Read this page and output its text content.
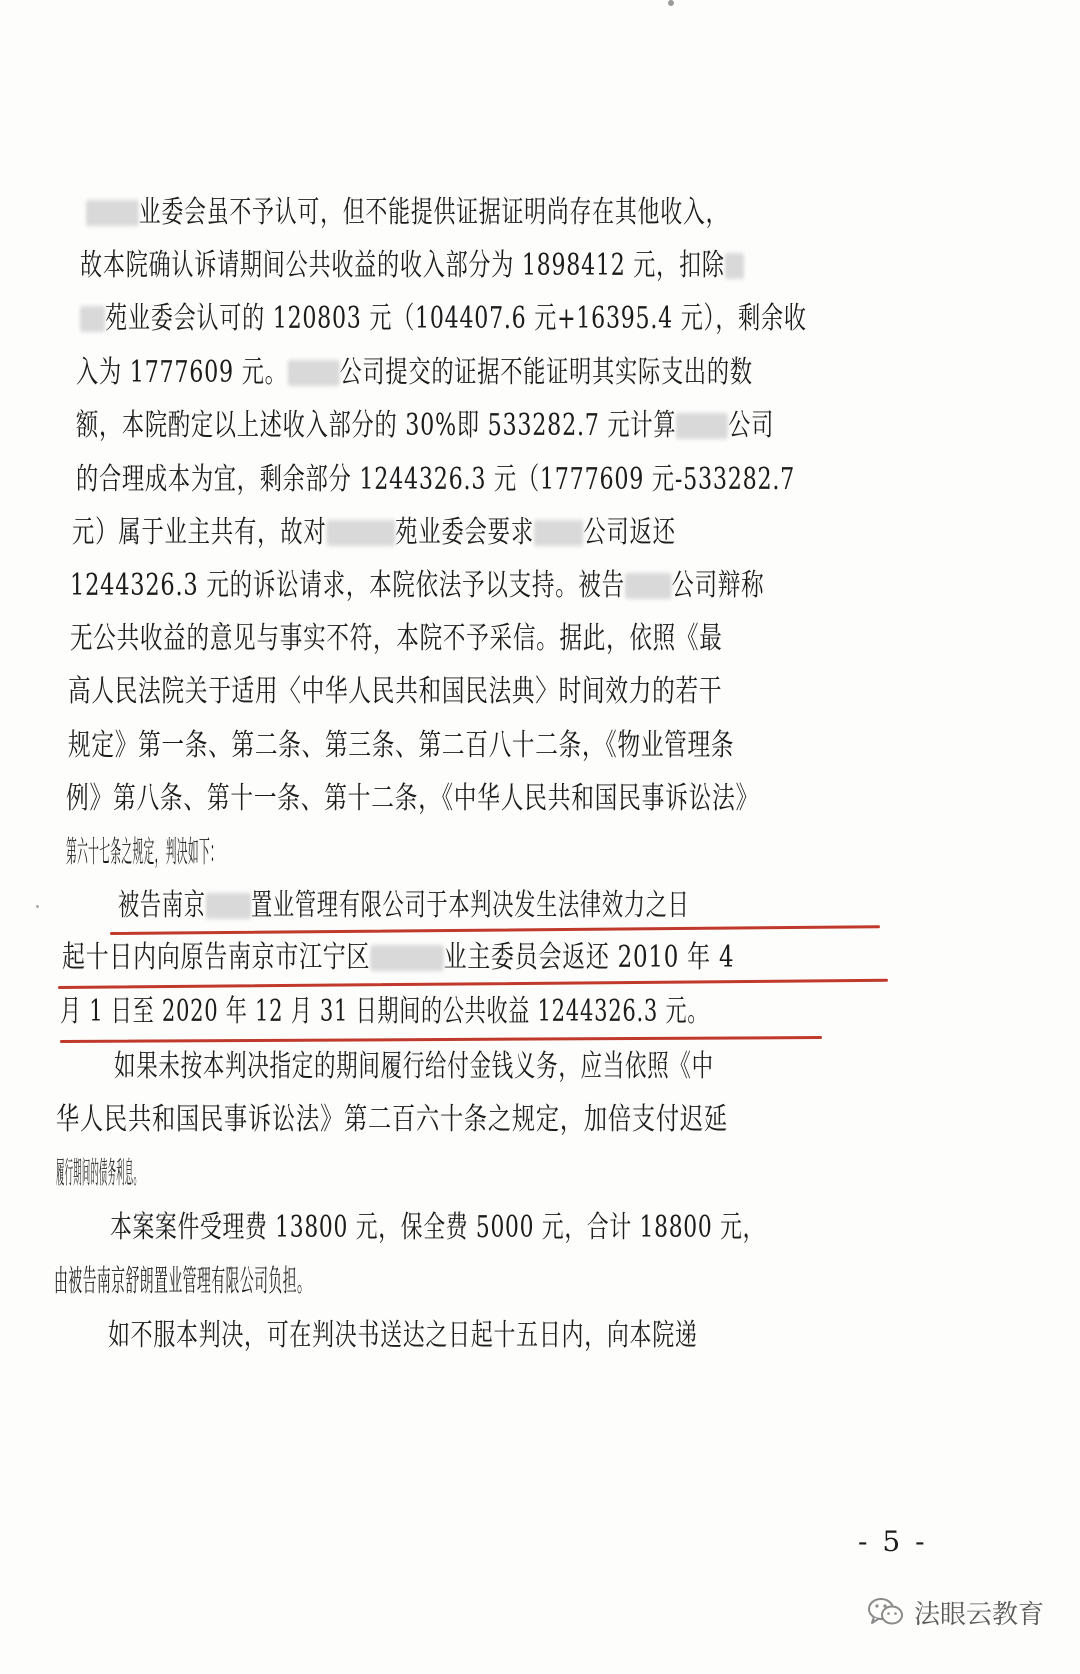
业委会虽不予认可，但不能提供证据证明尚存在其他收入，

故本院确认诉请期间公共收益的收入部分为 1898412 元，扣除

苑业委会认可的 120803 元（104407.6 元+16395.4 元），剩余收

入为 1777609 元。 公司提交的证据不能证明其实际支出的数

额，本院酌定以上述收入部分的 30%即 533282.7 元计算 公司

的合理成本为宜，剩余部分 1244326.3 元（1777609 元-533282.7

元）属于业主共有，故对 苑业委会要求 公司返还

1244326.3 元的诉讼请求，本院依法予以支持。被告 公司辩称

无公共收益的意见与事实不符，本院不予采信。据此，依照《最

高人民法院关于适用〈中华人民共和国民法典〉时间效力的若干

规定》第一条、第二条、第三条、第二百八十二条，《物业管理条

例》第八条、第十一条、第十二条，《中华人民共和国民事诉讼法》

第六十七条之规定，判决如下：

被告南京 置业管理有限公司于本判决发生法律效力之日

起十日内向原告南京市江宁区 业主委员会返还 2010 年 4

月 1 日至 2020 年 12 月 31 日期间的公共收益 1244326.3 元。

如果未按本判决指定的期间履行给付金钱义务，应当依照《中

华人民共和国民事诉讼法》第二百六十条之规定，加倍支付迟延

履行期间的债务利息。

本案案件受理费 13800 元，保全费 5000 元，合计 18800 元，

由被告南京舒朗置业管理有限公司负担。

如不服本判决，可在判决书送达之日起十五日内，向本院递

- 5 -
法眼云教育
